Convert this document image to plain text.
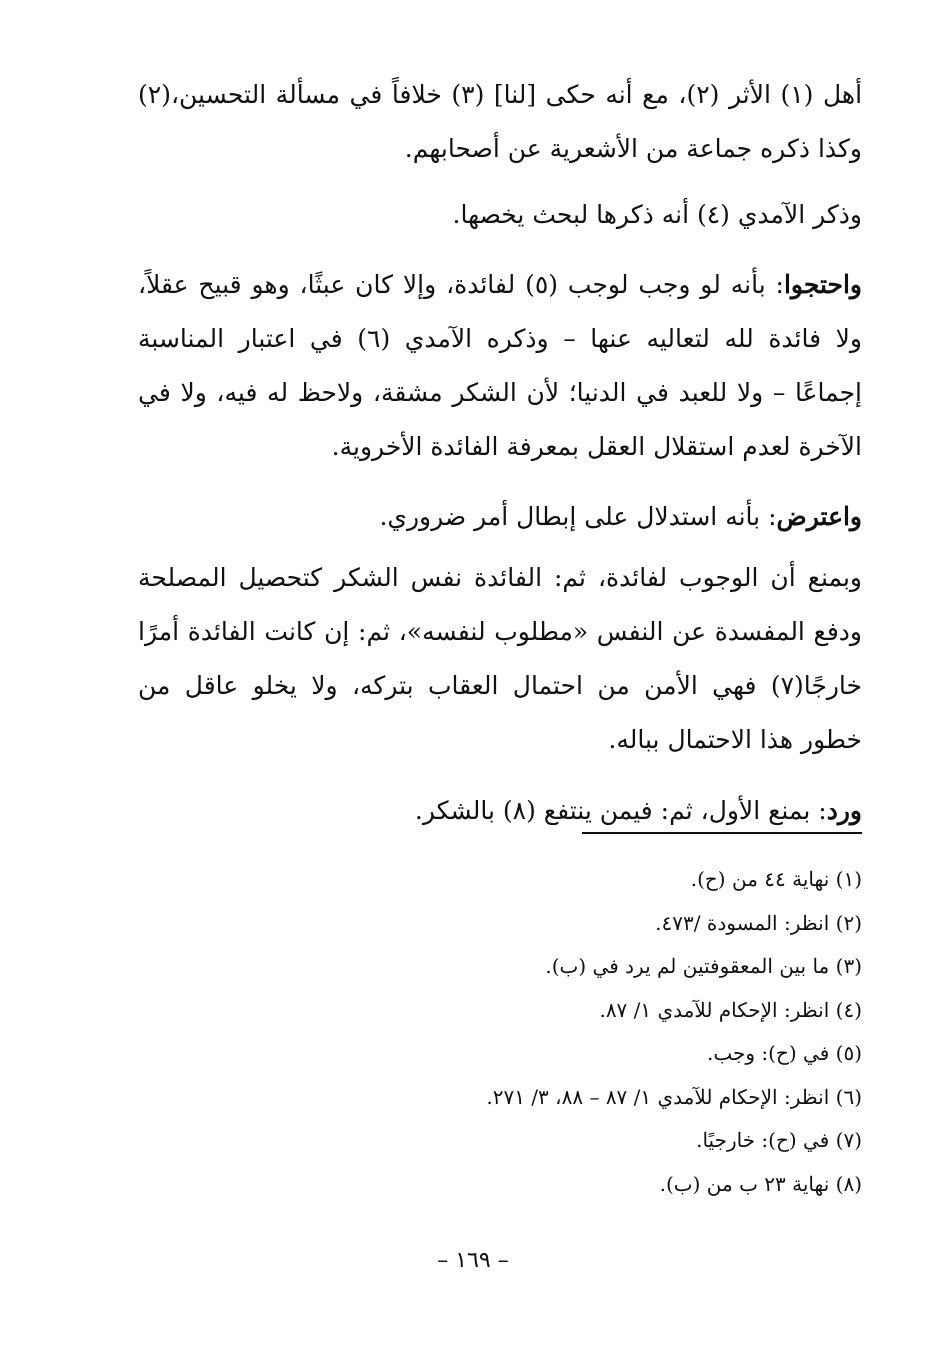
أهل (١) الأثر (٢)، مع أنه حكى [لنا] (٣) خلافاً في مسألة التحسين،(٢) وكذا ذكره جماعة من الأشعرية عن أصحابهم.

وذكر الآمدي (٤) أنه ذكرها لبحث يخصها.

واحتجوا: بأنه لو وجب لوجب (٥) لفائدة، وإلا كان عبثًا، وهو قبيح عقلاً، ولا فائدة لله لتعاليه عنها – وذكره الآمدي (٦) في اعتبار المناسبة إجماعًا – ولا للعبد في الدنيا؛ لأن الشكر مشقة، ولاحظ له فيه، ولا في الآخرة لعدم استقلال العقل بمعرفة الفائدة الأخروية.

واعترض: بأنه استدلال على إبطال أمر ضروري.

وبمنع أن الوجوب لفائدة، ثم: الفائدة نفس الشكر كتحصيل المصلحة ودفع المفسدة عن النفس «مطلوب لنفسه»، ثم: إن كانت الفائدة أمرًا خارجًا(٧) فهي الأمن من احتمال العقاب بتركه، ولا يخلو عاقل من خطور هذا الاحتمال بباله.

ورد: بمنع الأول، ثم: فيمن ينتفع (٨) بالشكر.

(١) نهاية ٤٤ من (ح).

(٢) انظر: المسودة /٤٧٣.

(٣) ما بين المعقوفتين لم يرد في (ب).

(٤) انظر: الإحكام للآمدي ١/ ٨٧.

(٥) في (ح): وجب.

(٦) انظر: الإحكام للآمدي ١/ ٨٧ – ٨٨، ٣/ ٢٧١.

(٧) في (ح): خارجيًا.

(٨) نهاية ٢٣ ب من (ب).

– ١٦٩ –
